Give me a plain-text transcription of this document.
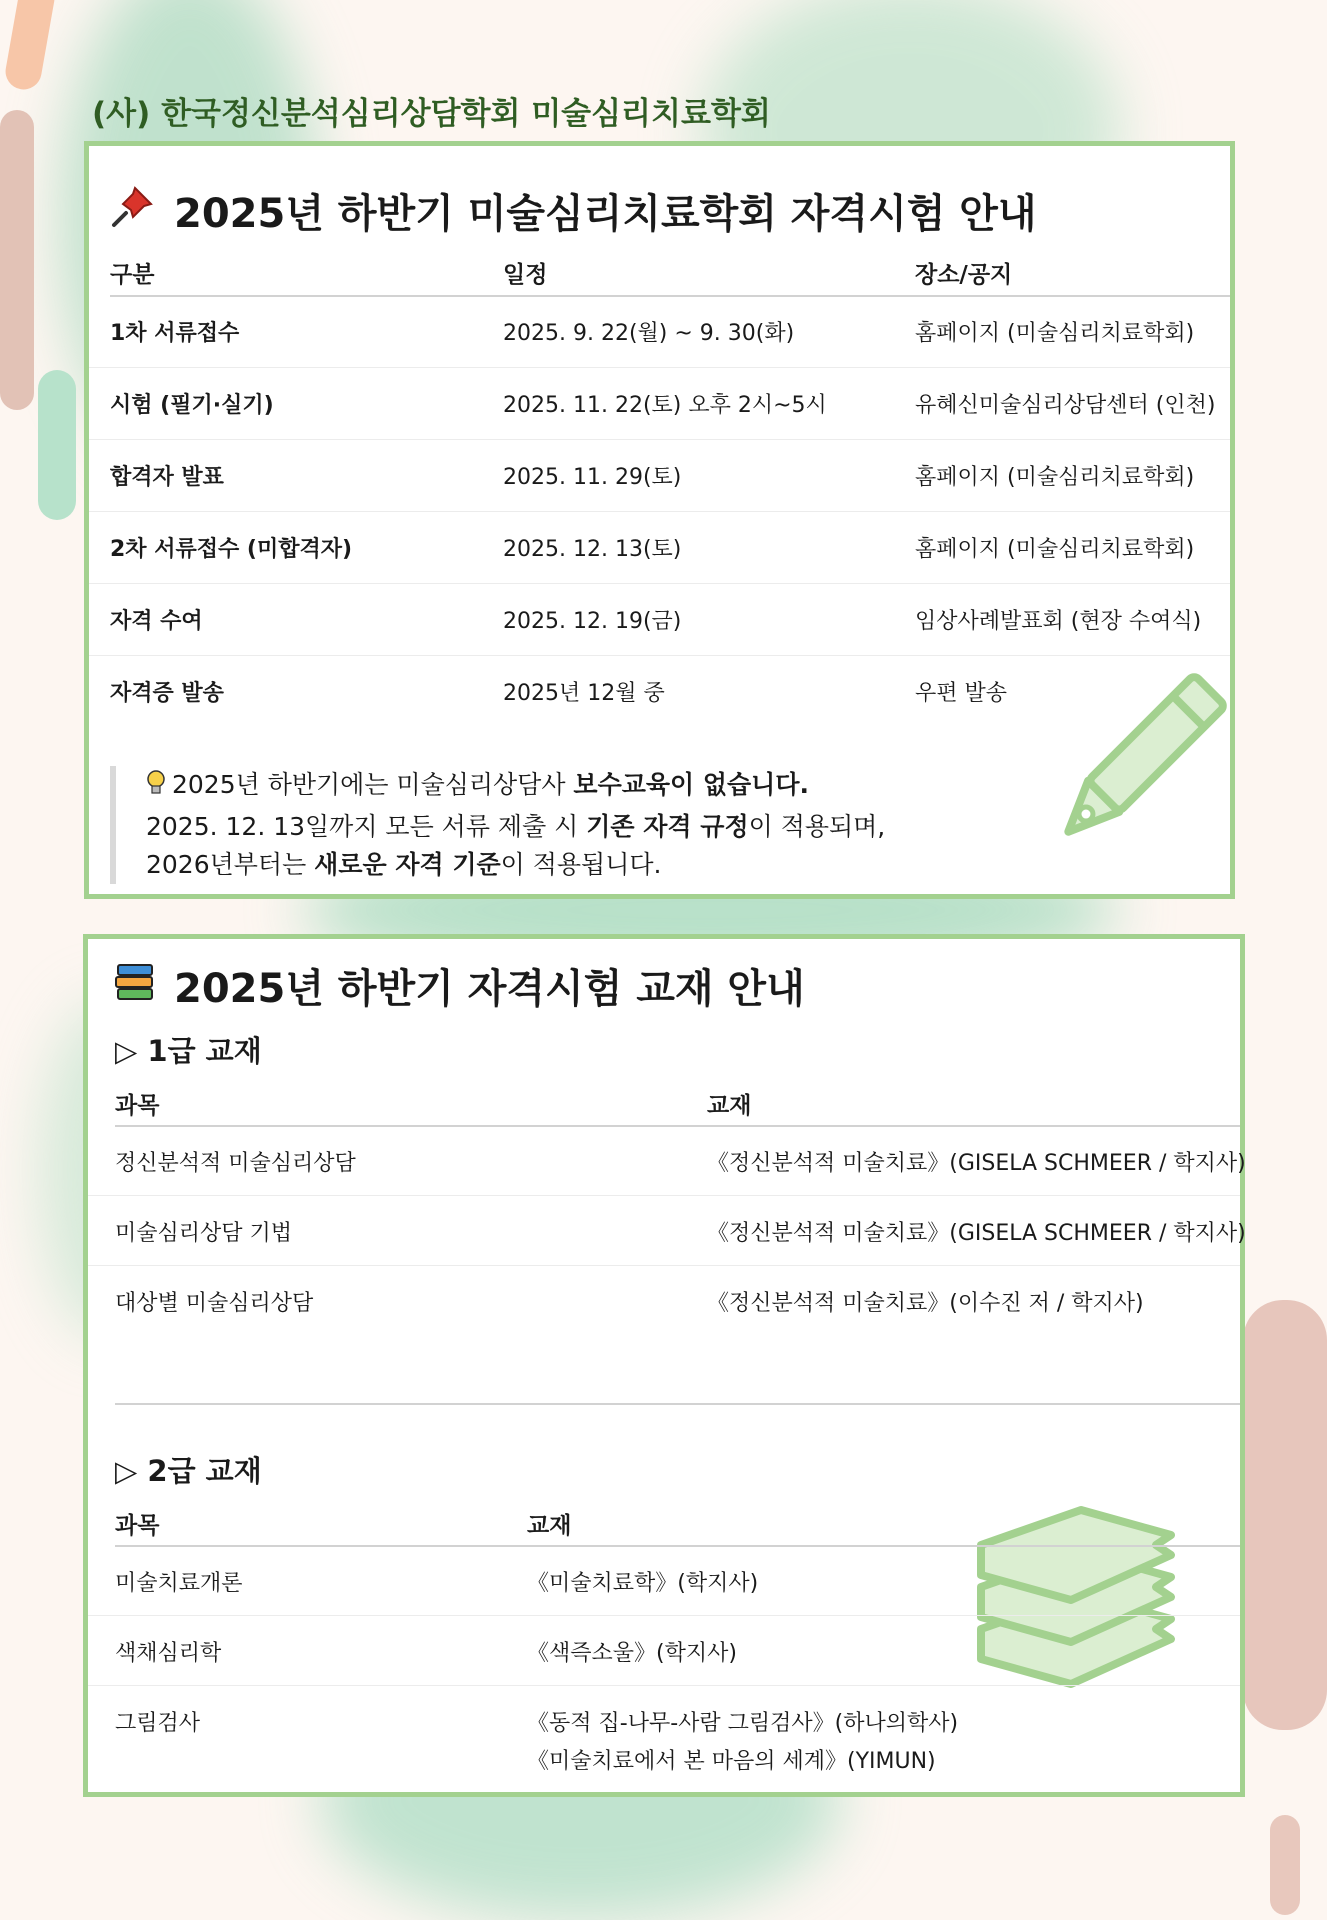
(사) 한국정신분석심리상담학회 미술심리치료학회
2025년 하반기 미술심리치료학회 자격시험 안내
구분	일정	장소/공지
1차 서류접수	2025. 9. 22(월) ~ 9. 30(화)	홈페이지 (미술심리치료학회)
시험 (필기·실기)	2025. 11. 22(토) 오후 2시~5시	유혜신미술심리상담센터 (인천)
합격자 발표	2025. 11. 29(토)	홈페이지 (미술심리치료학회)
2차 서류접수 (미합격자)	2025. 12. 13(토)	홈페이지 (미술심리치료학회)
자격 수여	2025. 12. 19(금)	임상사례발표회 (현장 수여식)
자격증 발송	2025년 12월 중	우편 발송
2025년 하반기에는 미술심리상담사 보수교육이 없습니다.
2025. 12. 13일까지 모든 서류 제출 시 기존 자격 규정이 적용되며,
2026년부터는 새로운 자격 기준이 적용됩니다.
2025년 하반기 자격시험 교재 안내
▷ 1급 교재
과목	교재
정신분석적 미술심리상담	《정신분석적 미술치료》(GISELA SCHMEER / 학지사)
미술심리상담 기법	《정신분석적 미술치료》(GISELA SCHMEER / 학지사)
대상별 미술심리상담	《정신분석적 미술치료》(이수진 저 / 학지사)
▷ 2급 교재
과목	교재
미술치료개론	《미술치료학》(학지사)
색채심리학	《색즉소울》(학지사)
그림검사	《동적 집-나무-사람 그림검사》(하나의학사)
《미술치료에서 본 마음의 세계》(YIMUN)
